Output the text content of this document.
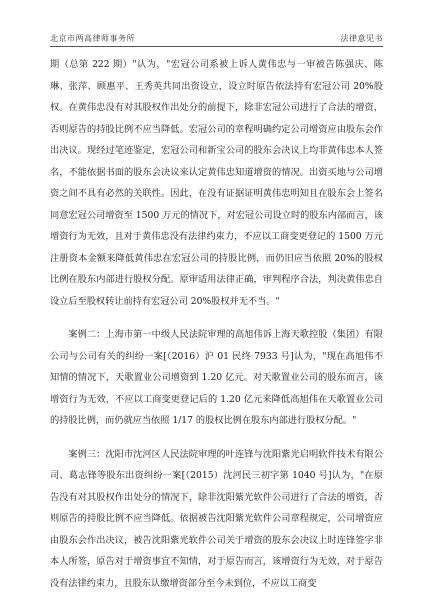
北京市两高律师事务所	法律意见书

期（总第 222 期）"认为，"宏冠公司系被上诉人黄伟忠与一审被告陈强庆、陈琳、张萍、顾惠平、王秀英共同出资设立，设立时原告依法持有宏冠公司 20%股权。在黄伟忠没有对其股权作出处分的前提下，除非宏冠公司进行了合法的增资，否则原告的持股比例不应当降低。宏冠公司的章程明确约定公司增资应由股东会作出决议。现经过笔迹鉴定，宏冠公司和新宝公司的股东会决议上均非黄伟忠本人签名，不能依据书面的股东会决议来认定黄伟忠知道增资的情况。出资买地与公司增资之间不具有必然的关联性。因此，在没有证据证明黄伟忠明知且在股东会上签名同意宏冠公司增资至 1500 万元的情况下，对宏冠公司设立时的股东内部而言，该增资行为无效，且对于黄伟忠没有法律约束力，不应以工商变更登记的 1500 万元注册资本金额来降低黄伟忠在宏冠公司的持股比例，而仍旧应当依照 20%的股权比例在股东内部进行股权分配。原审适用法律正确，审判程序合法，判决黄伟忠自设立后至股权转让前持有宏冠公司 20%股权并无不当。"

案例二：上海市第一中级人民法院审理的高旭伟诉上海天歌控股（集团）有限公司与公司有关的纠纷一案[（2016）沪 01 民终 7933 号]认为，"现在高旭伟不知情的情况下，天歌置业公司增资到 1.20 亿元。对天歌置业公司的股东而言，该增资行为无效，不应以工商变更登记后的 1.20 亿元来降低高旭伟在天歌置业公司的持股比例，而仍就应当依照 1/17 的股权比例在股东内部进行股权分配。"

案例三：沈阳市沈河区人民法院审理的叶连锋与沈阳紫光启明软件技术有限公司、葛志锋等股东出资纠纷一案[（2015）沈河民三初字第 1040 号]认为，"在原告没有对其股权作出处分的情况下，除非沈阳紫光软件公司进行了合法的增资，否则原告的持股比例不应当降低。依据被告沈阳紫光软件公司章程规定，公司增资应由股东会作出决议，被告沈阳紫光软件公司关于增资的股东会决议上时连锋签字非本人所签，原告对于增资事宜不知情，对于原告而言，该增资行为无效，对于原告没有法律约束力，且股东认缴增资部分至今未到位，不应以工商变
